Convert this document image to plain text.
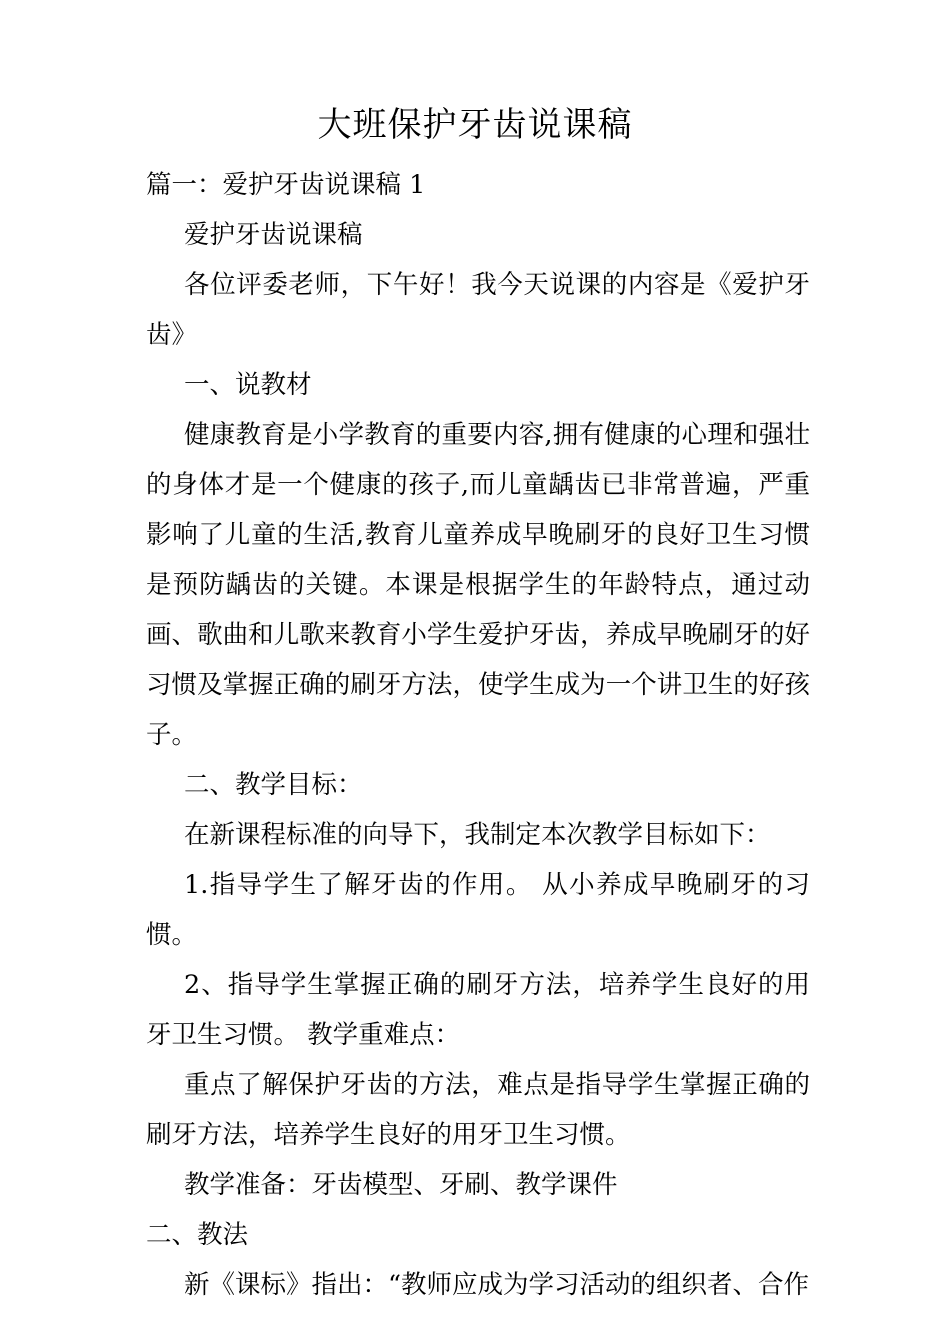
大班保护牙齿说课稿

篇一：爱护牙齿说课稿 1

爱护牙齿说课稿

各位评委老师，下午好！我今天说课的内容是《爱护牙齿》

一、说教材

健康教育是小学教育的重要内容,拥有健康的心理和强壮的身体才是一个健康的孩子,而儿童龋齿已非常普遍，严重影响了儿童的生活,教育儿童养成早晚刷牙的良好卫生习惯是预防龋齿的关键。本课是根据学生的年龄特点，通过动画、歌曲和儿歌来教育小学生爱护牙齿，养成早晚刷牙的好习惯及掌握正确的刷牙方法，使学生成为一个讲卫生的好孩子。

二、教学目标：

在新课程标准的向导下，我制定本次教学目标如下：

1.指导学生了解牙齿的作用。 从小养成早晚刷牙的习惯。

2、指导学生掌握正确的刷牙方法，培养学生良好的用牙卫生习惯。 教学重难点：

重点了解保护牙齿的方法，难点是指导学生掌握正确的刷牙方法，培养学生良好的用牙卫生习惯。

教学准备：牙齿模型、牙刷、教学课件

二、教法

新《课标》指出：“教师应成为学习活动的组织者、合作
